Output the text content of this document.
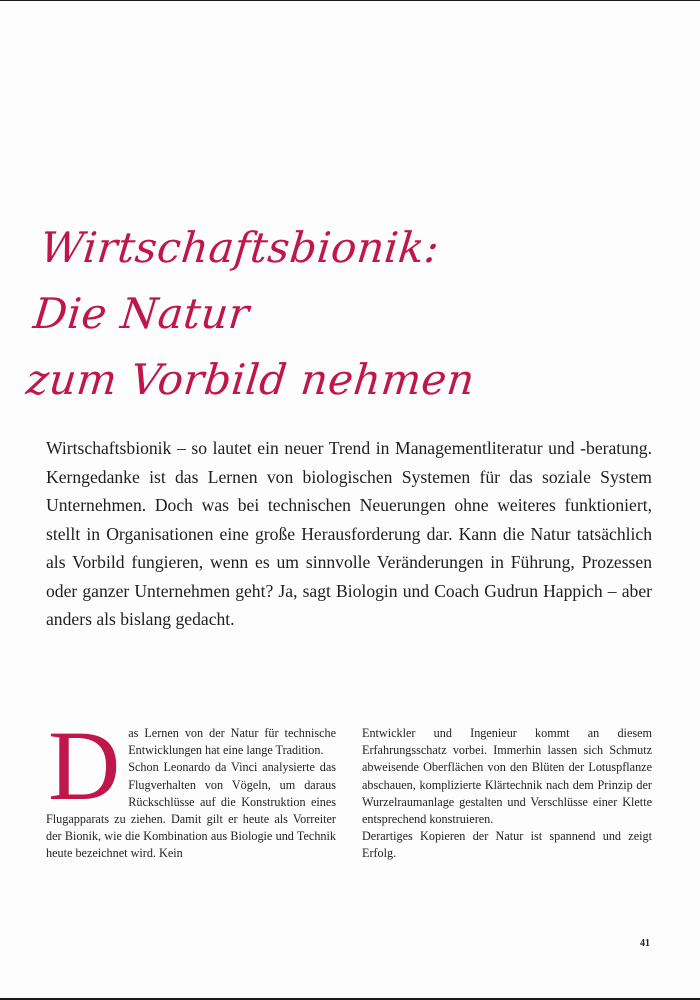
Wirtschaftsbionik:
Die Natur
zum Vorbild nehmen

Wirtschaftsbionik – so lautet ein neuer Trend in Managementliteratur und -beratung. Kerngedanke ist das Lernen von biologischen Systemen für das soziale System Unternehmen. Doch was bei technischen Neuerungen ohne weiteres funktioniert, stellt in Organisationen eine große Herausforderung dar. Kann die Natur tatsächlich als Vorbild fungieren, wenn es um sinnvolle Veränderungen in Führung, Prozessen oder ganzer Unternehmen geht? Ja, sagt Biologin und Coach Gudrun Happich – aber anders als bislang gedacht.

Das Lernen von der Natur für technische Entwicklungen hat eine lange Tradition.

Schon Leonardo da Vinci analysierte das Flugverhalten von Vögeln, um daraus Rückschlüsse auf die Konstruktion eines Flugapparats zu ziehen. Damit gilt er heute als Vorreiter der Bionik, wie die Kombination aus Biologie und Technik heute bezeichnet wird. Kein

Entwickler und Ingenieur kommt an diesem Erfahrungsschatz vorbei. Immerhin lassen sich Schmutz abweisende Oberflächen von den Blüten der Lotuspflanze abschauen, komplizierte Klärtechnik nach dem Prinzip der Wurzelraumanlage gestalten und Verschlüsse einer Klette entsprechend konstruieren.

Derartiges Kopieren der Natur ist spannend und zeigt Erfolg.

41
